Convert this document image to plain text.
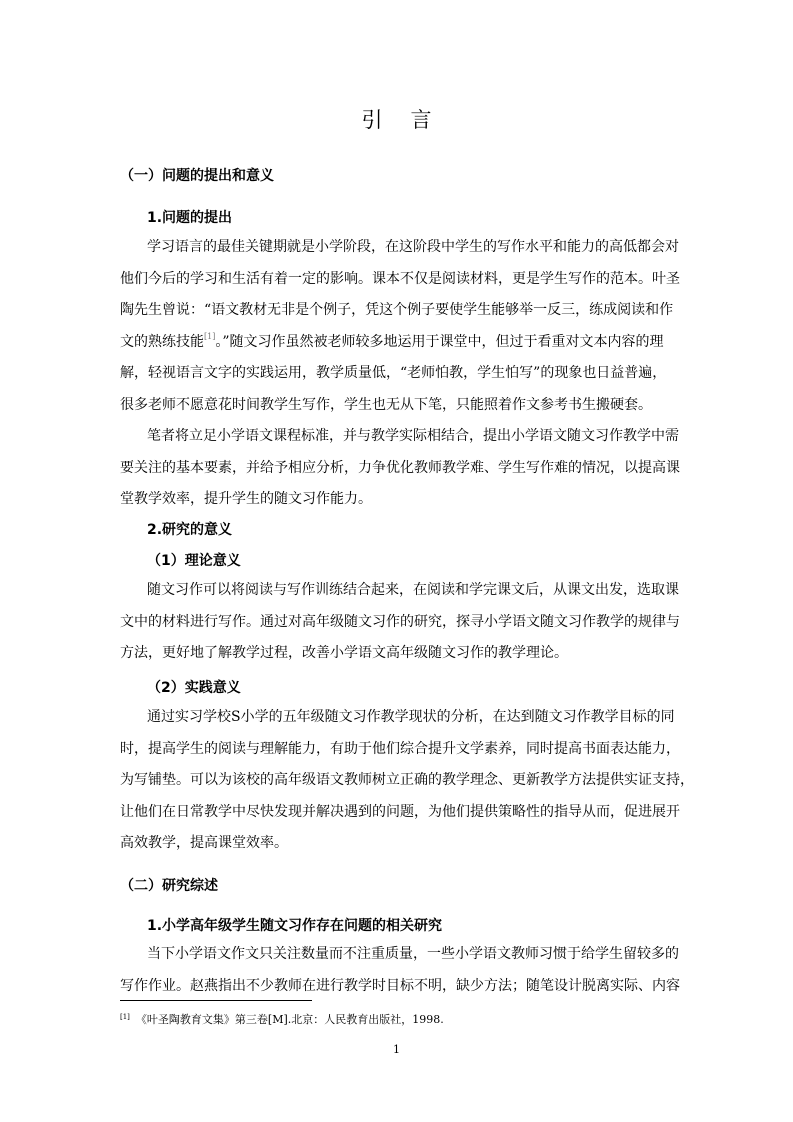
引言
（一）问题的提出和意义
1.问题的提出
学习语言的最佳关键期就是小学阶段，在这阶段中学生的写作水平和能力的高低都会对
他们今后的学习和生活有着一定的影响。课本不仅是阅读材料，更是学生写作的范本。叶圣
陶先生曾说：“语文教材无非是个例子，凭这个例子要使学生能够举一反三，练成阅读和作
文的熟练技能[1]。”随文习作虽然被老师较多地运用于课堂中，但过于看重对文本内容的理
解，轻视语言文字的实践运用，教学质量低，“老师怕教，学生怕写”的现象也日益普遍，
很多老师不愿意花时间教学生写作，学生也无从下笔，只能照着作文参考书生搬硬套。
笔者将立足小学语文课程标准，并与教学实际相结合，提出小学语文随文习作教学中需
要关注的基本要素，并给予相应分析，力争优化教师教学难、学生写作难的情况，以提高课
堂教学效率，提升学生的随文习作能力。
2.研究的意义
（1）理论意义
随文习作可以将阅读与写作训练结合起来，在阅读和学完课文后，从课文出发，选取课
文中的材料进行写作。通过对高年级随文习作的研究，探寻小学语文随文习作教学的规律与
方法，更好地了解教学过程，改善小学语文高年级随文习作的教学理论。
（2）实践意义
通过实习学校S小学的五年级随文习作教学现状的分析，在达到随文习作教学目标的同
时，提高学生的阅读与理解能力，有助于他们综合提升文学素养，同时提高书面表达能力，
为写铺垫。可以为该校的高年级语文教师树立正确的教学理念、更新教学方法提供实证支持，
让他们在日常教学中尽快发现并解决遇到的问题，为他们提供策略性的指导从而，促进展开
高效教学，提高课堂效率。
（二）研究综述
1.小学高年级学生随文习作存在问题的相关研究
当下小学语文作文只关注数量而不注重质量，一些小学语文教师习惯于给学生留较多的
写作作业。赵燕指出不少教师在进行教学时目标不明，缺少方法；随笔设计脱离实际、内容
[1] 《叶圣陶教育文集》第三卷[M].北京：人民教育出版社，1998.
1
